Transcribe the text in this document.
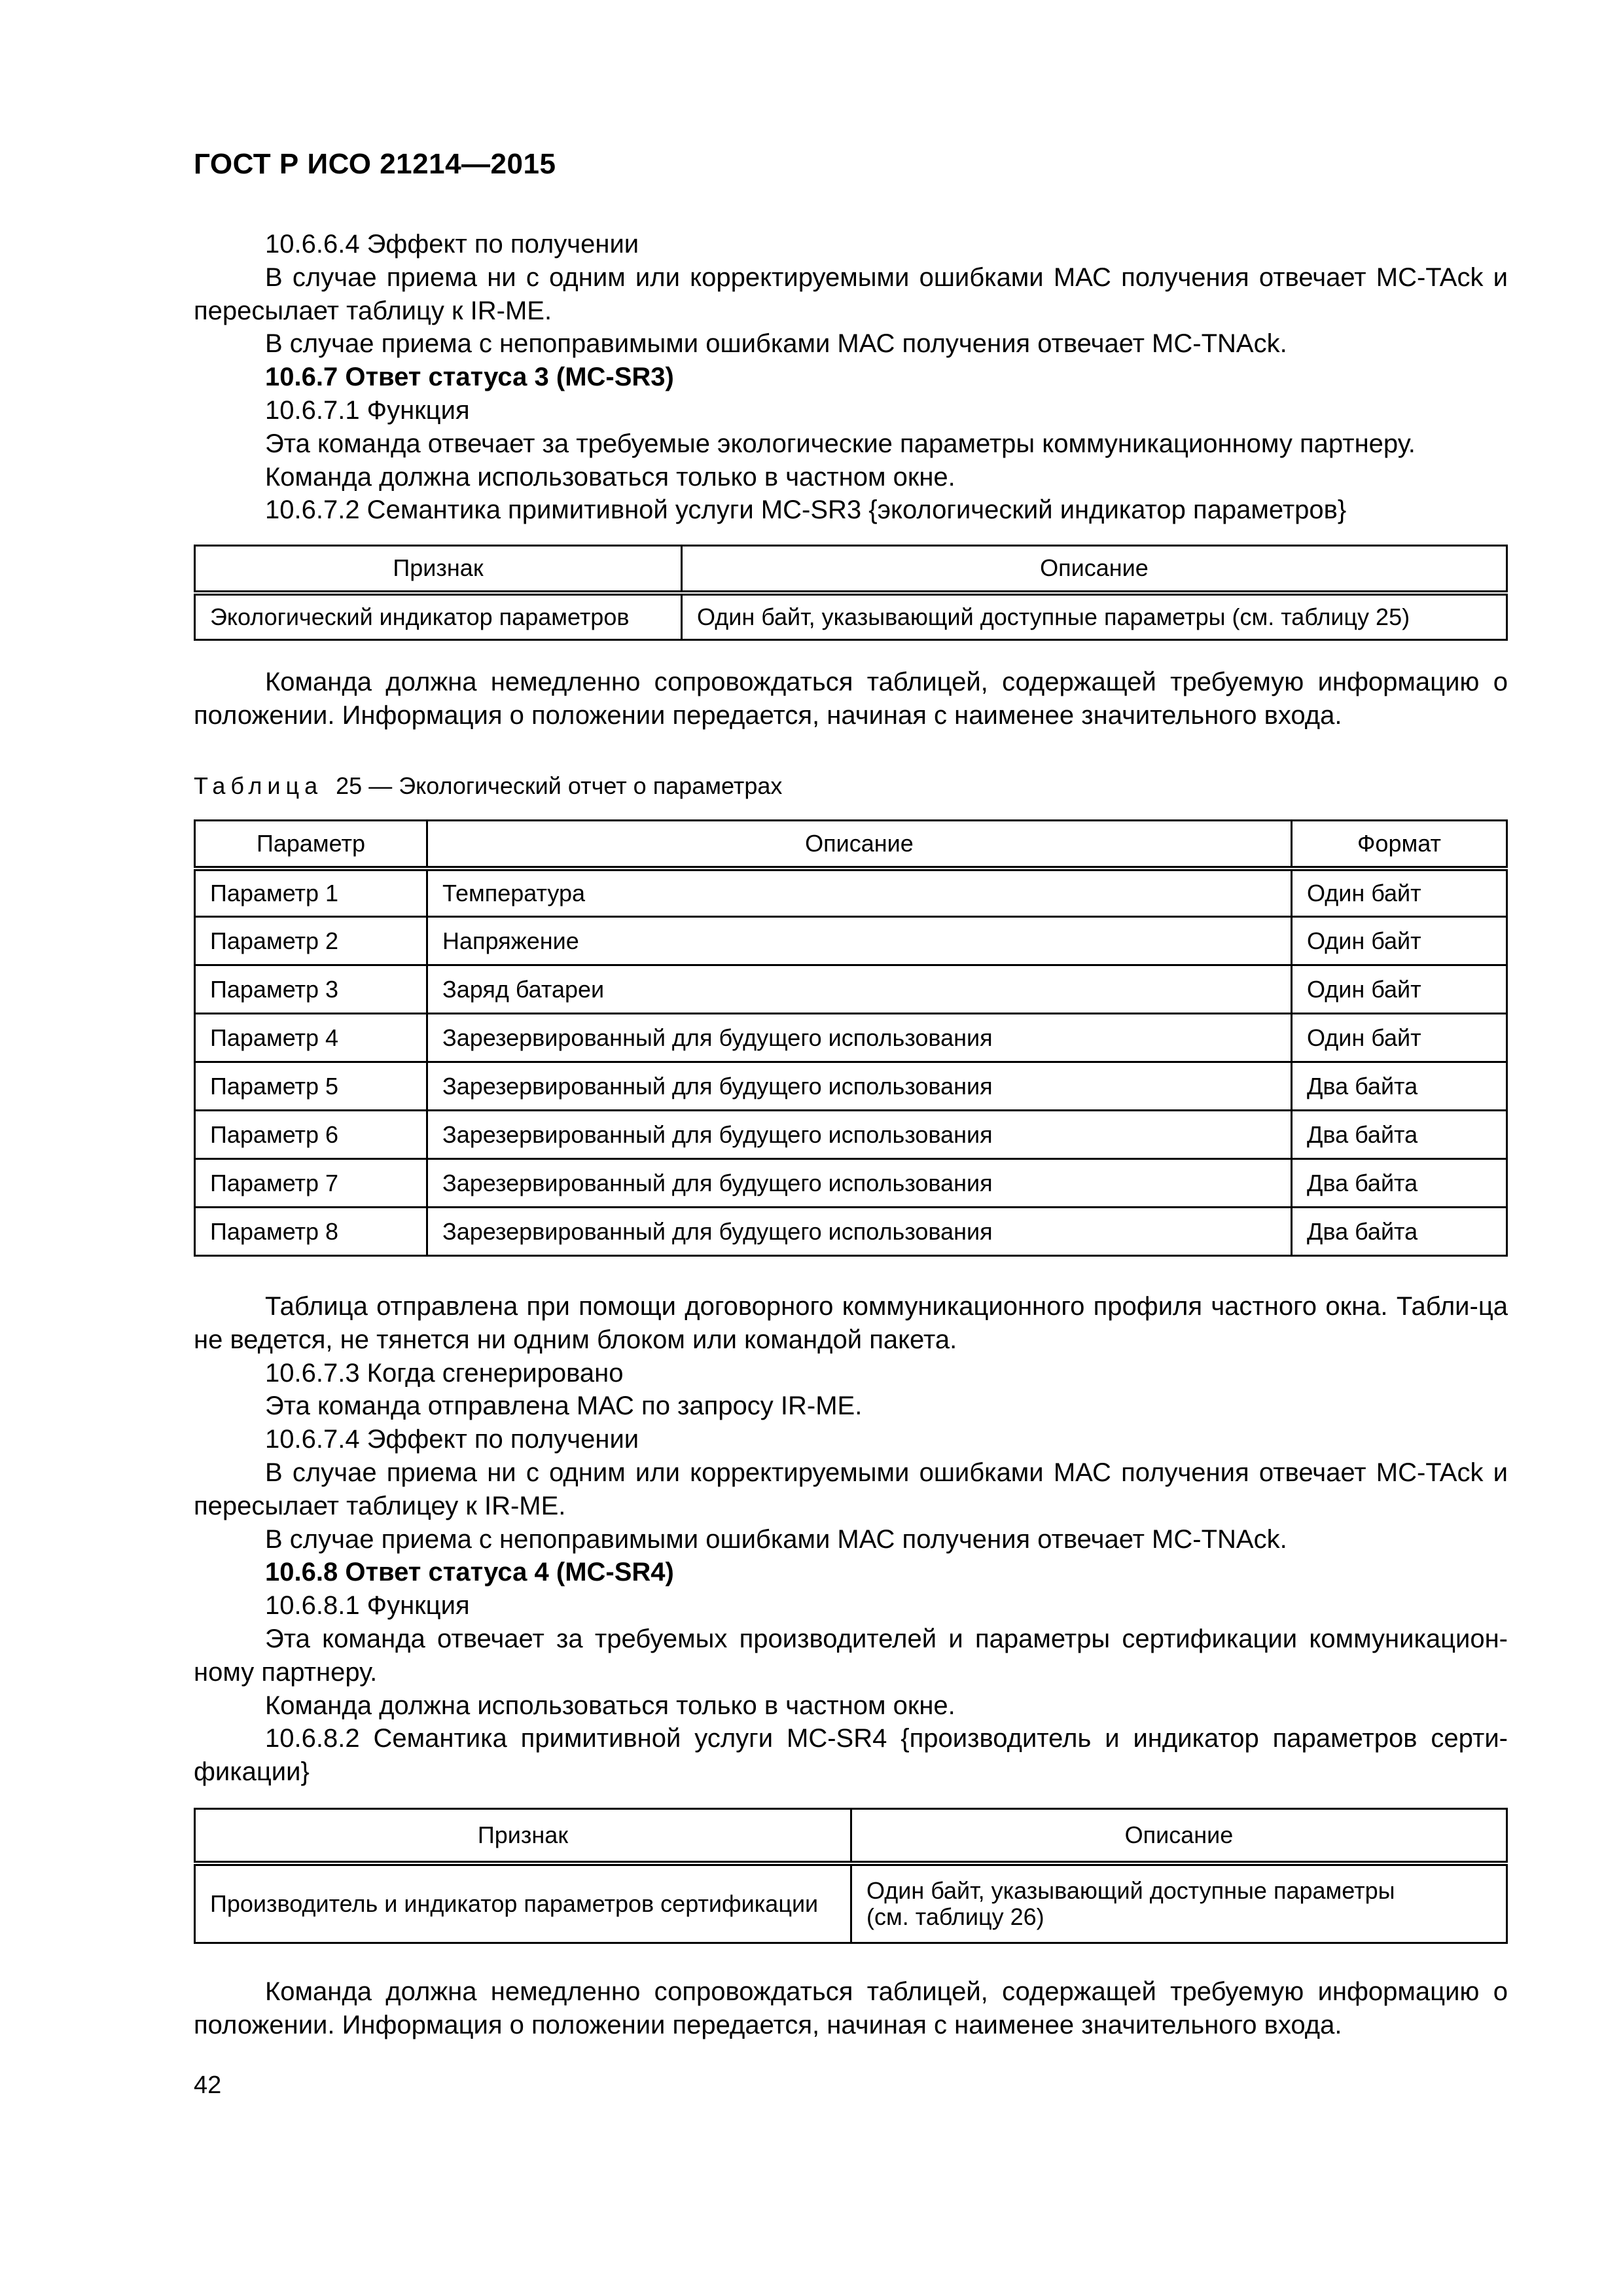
ГОСТ Р ИСО 21214—2015

10.6.6.4 Эффект по получении

В случае приема ни с одним или корректируемыми ошибками МАС получения отвечает MC-TAck и пересылает таблицу к IR-ME.

В случае приема с непоправимыми ошибками МАС получения отвечает MC-TNAck.

10.6.7 Ответ статуса 3 (MC-SR3)

10.6.7.1 Функция

Эта команда отвечает за требуемые экологические параметры коммуникационному партнеру.

Команда должна использоваться только в частном окне.

10.6.7.2 Семантика примитивной услуги MC-SR3 {экологический индикатор параметров}

Признак	Описание
Экологический индикатор параметров	Один байт, указывающий доступные параметры (см. таблицу 25)

Команда должна немедленно сопровождаться таблицей, содержащей требуемую информацию о положении. Информация о положении передается, начиная с наименее значительного входа.

Таблица  25 — Экологический отчет о параметрах
Параметр	Описание	Формат
Параметр 1	Температура	Один байт
Параметр 2	Напряжение	Один байт
Параметр 3	Заряд батареи	Один байт
Параметр 4	Зарезервированный для будущего использования	Один байт
Параметр 5	Зарезервированный для будущего использования	Два байта
Параметр 6	Зарезервированный для будущего использования	Два байта
Параметр 7	Зарезервированный для будущего использования	Два байта
Параметр 8	Зарезервированный для будущего использования	Два байта

Таблица отправлена при помощи договорного коммуникационного профиля частного окна. Табли-ца не ведется, не тянется ни одним блоком или командой пакета.

10.6.7.3 Когда сгенерировано

Эта команда отправлена МАС по запросу IR-ME.

10.6.7.4 Эффект по получении

В случае приема ни с одним или корректируемыми ошибками МАС получения отвечает MC-TAck и пересылает таблицеу к IR-ME.

В случае приема с непоправимыми ошибками МАС получения отвечает MC-TNAck.

10.6.8 Ответ статуса 4 (MC-SR4)

10.6.8.1 Функция

Эта команда отвечает за требуемых производителей и параметры сертификации коммуникацион-ному партнеру.

Команда должна использоваться только в частном окне.

10.6.8.2 Семантика примитивной услуги MC-SR4 {производитель и индикатор параметров серти-фикации}

Признак	Описание
Производитель и индикатор параметров сертификации	Один байт, указывающий доступные параметры (см. таблицу 26)

Команда должна немедленно сопровождаться таблицей, содержащей требуемую информацию о положении. Информация о положении передается, начиная с наименее значительного входа.

42
